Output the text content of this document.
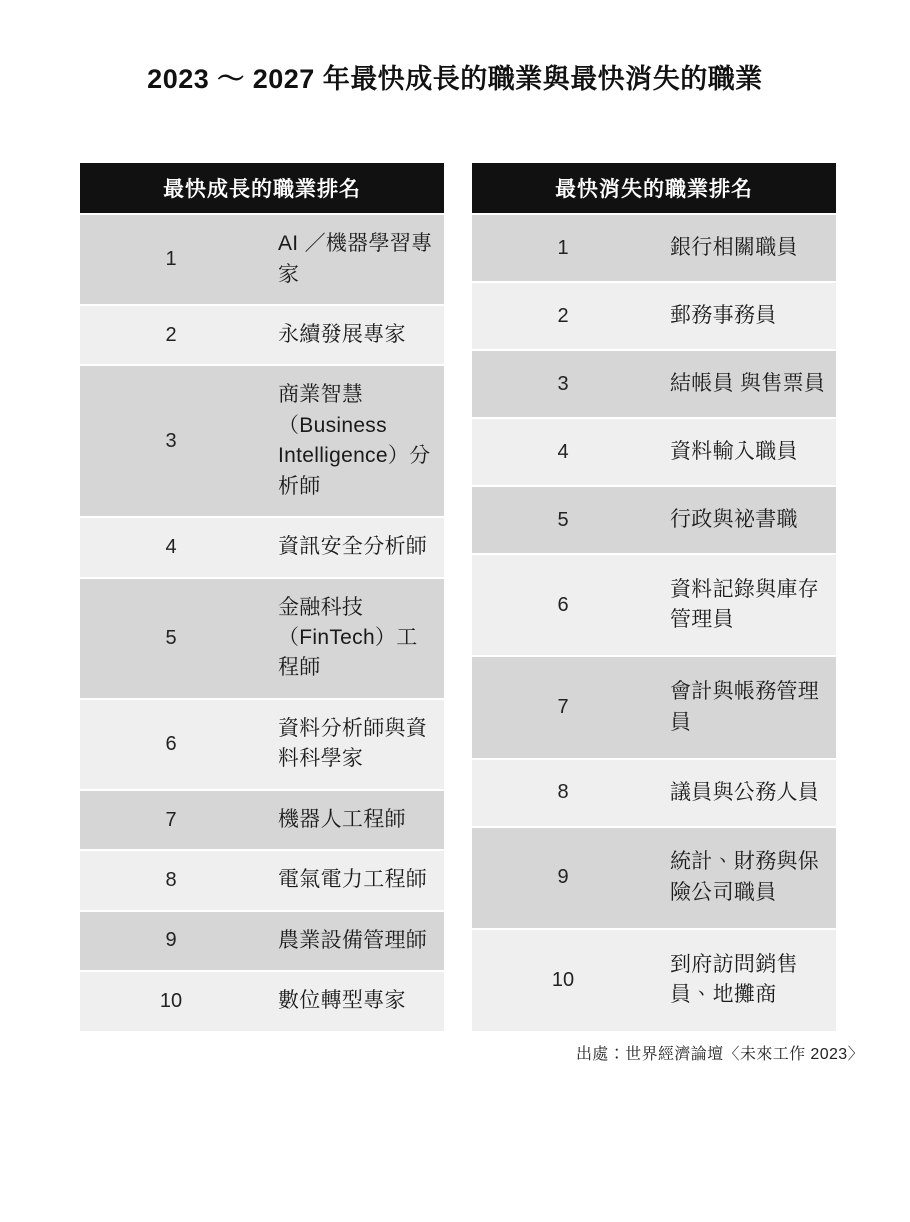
2023 〜 2027 年最快成長的職業與最快消失的職業
最快成長的職業排名	

1	AI ／機器學習專家

2	永續發展專家

3	商業智慧（Business Intelligence）分析師

4	資訊安全分析師

5	金融科技（FinTech）工程師

6	資料分析師與資料科學家

7	機器人工程師

8	電氣電力工程師

9	農業設備管理師

10	數位轉型專家
最快消失的職業排名	

1	銀行相關職員

2	郵務事務員

3	結帳員 與售票員

4	資料輸入職員

5	行政與祕書職

6	資料記錄與庫存管理員

7	會計與帳務管理員

8	議員與公務人員

9	統計、財務與保險公司職員

10	到府訪問銷售員、地攤商
出處：世界經濟論壇〈未來工作 2023〉
